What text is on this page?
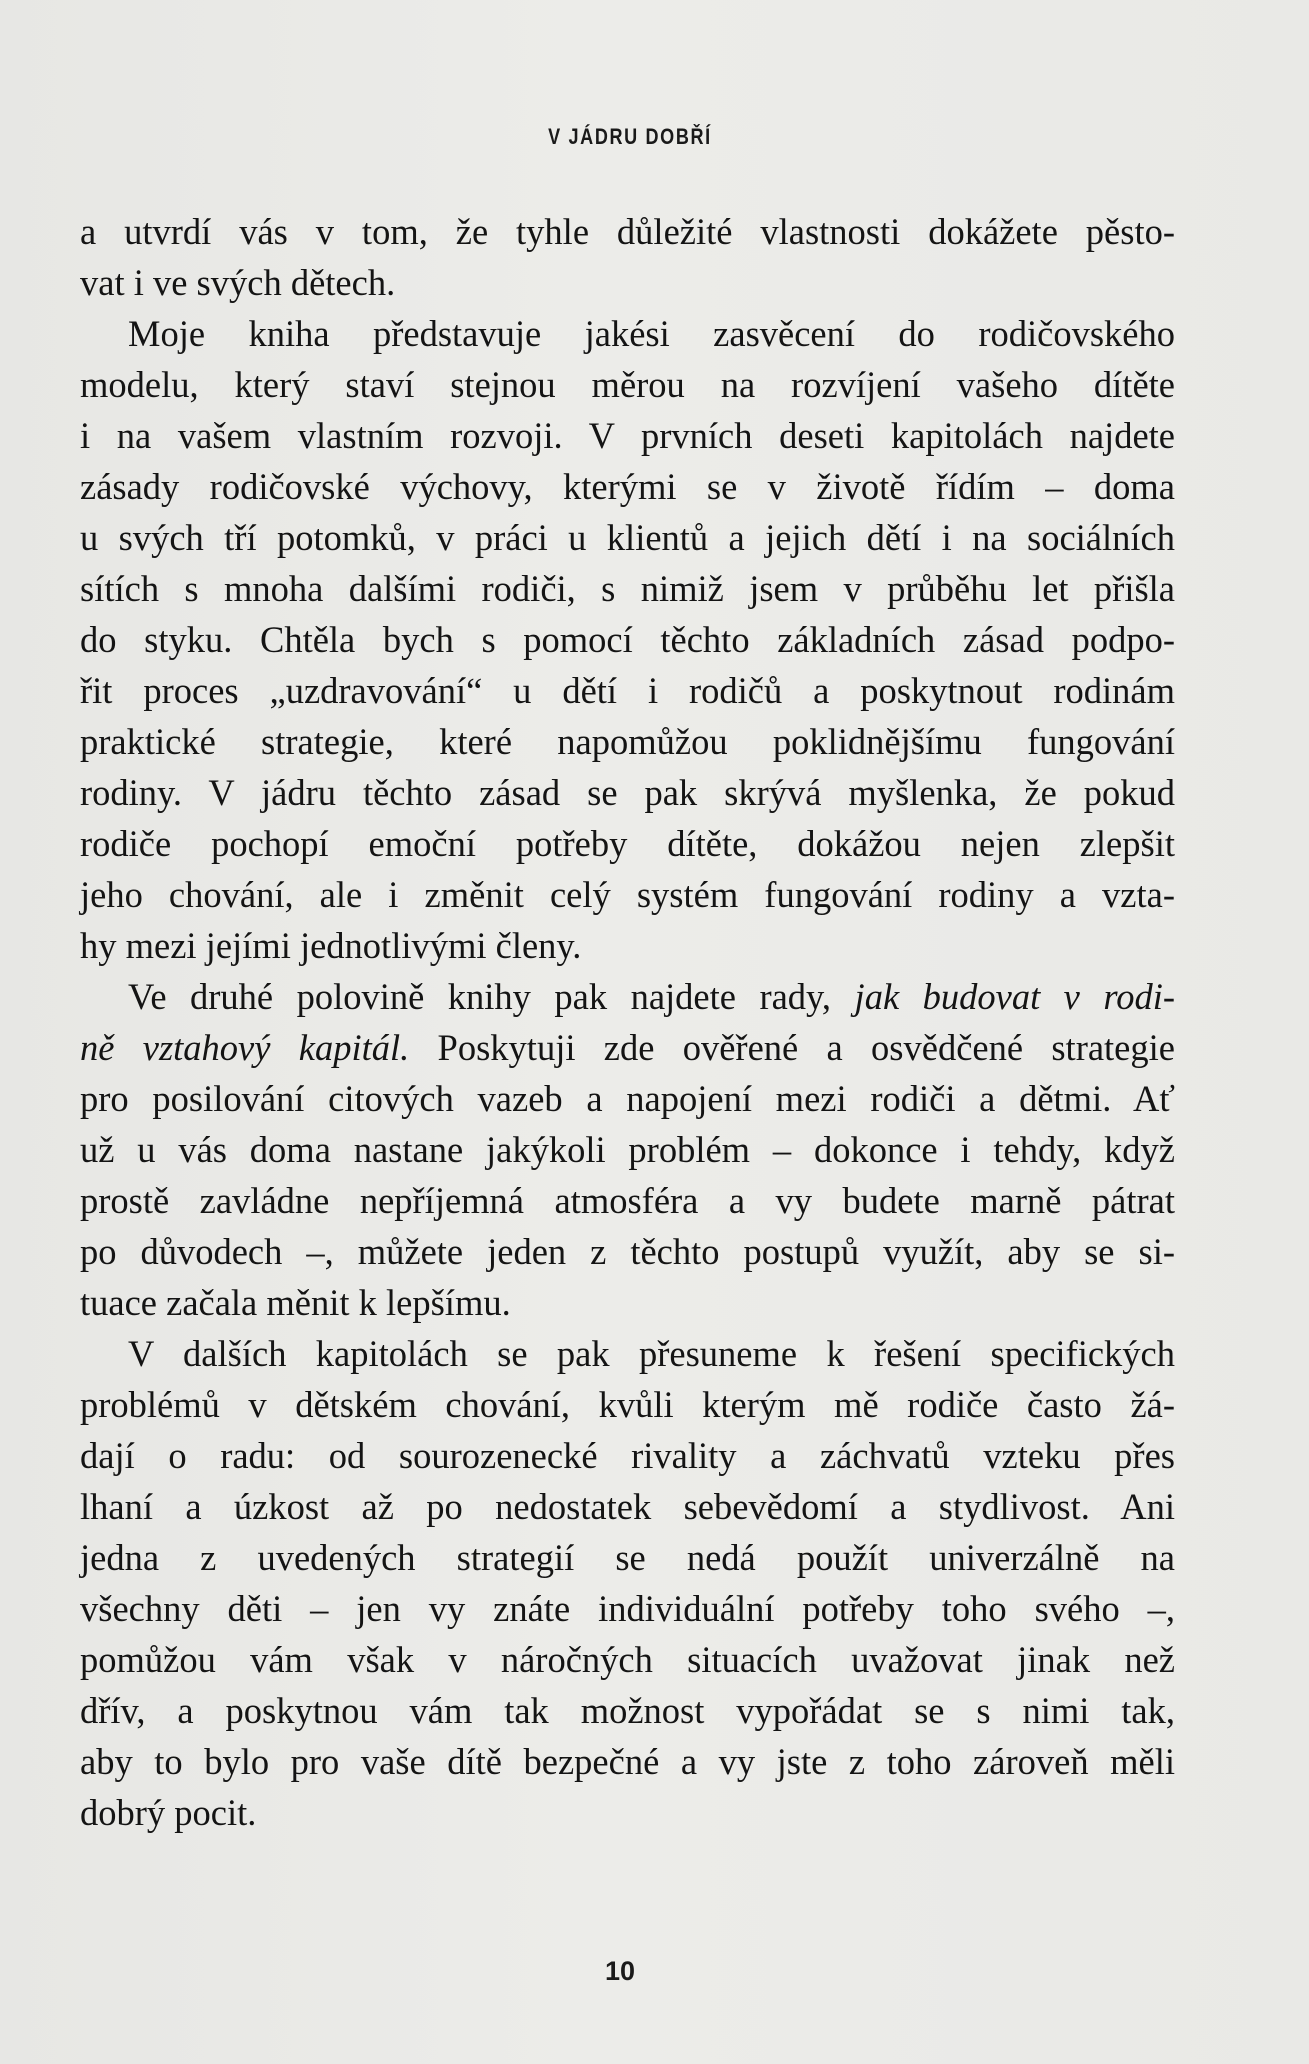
V JÁDRU DOBŘÍ
a utvrdí vás v tom, že tyhle důležité vlastnosti dokážete pěsto-
vat i ve svých dětech.
Moje kniha představuje jakési zasvěcení do rodičovského
modelu, který staví stejnou měrou na rozvíjení vašeho dítěte
i na vašem vlastním rozvoji. V prvních deseti kapitolách najdete
zásady rodičovské výchovy, kterými se v životě řídím – doma
u svých tří potomků, v práci u klientů a jejich dětí i na sociálních
sítích s mnoha dalšími rodiči, s nimiž jsem v průběhu let přišla
do styku. Chtěla bych s pomocí těchto základních zásad podpo-
řit proces „uzdravování“ u dětí i rodičů a poskytnout rodinám
praktické strategie, které napomůžou poklidnějšímu fungování
rodiny. V jádru těchto zásad se pak skrývá myšlenka, že pokud
rodiče pochopí emoční potřeby dítěte, dokážou nejen zlepšit
jeho chování, ale i změnit celý systém fungování rodiny a vzta-
hy mezi jejími jednotlivými členy.
Ve druhé polovině knihy pak najdete rady, jak budovat v rodi-
ně vztahový kapitál. Poskytuji zde ověřené a osvědčené strategie
pro posilování citových vazeb a napojení mezi rodiči a dětmi. Ať
už u vás doma nastane jakýkoli problém – dokonce i tehdy, když
prostě zavládne nepříjemná atmosféra a vy budete marně pátrat
po důvodech –, můžete jeden z těchto postupů využít, aby se si-
tuace začala měnit k lepšímu.
V dalších kapitolách se pak přesuneme k řešení specifických
problémů v dětském chování, kvůli kterým mě rodiče často žá-
dají o radu: od sourozenecké rivality a záchvatů vzteku přes
lhaní a úzkost až po nedostatek sebevědomí a stydlivost. Ani
jedna z uvedených strategií se nedá použít univerzálně na
všechny děti – jen vy znáte individuální potřeby toho svého –,
pomůžou vám však v náročných situacích uvažovat jinak než
dřív, a poskytnou vám tak možnost vypořádat se s nimi tak,
aby to bylo pro vaše dítě bezpečné a vy jste z toho zároveň měli
dobrý pocit.
10
